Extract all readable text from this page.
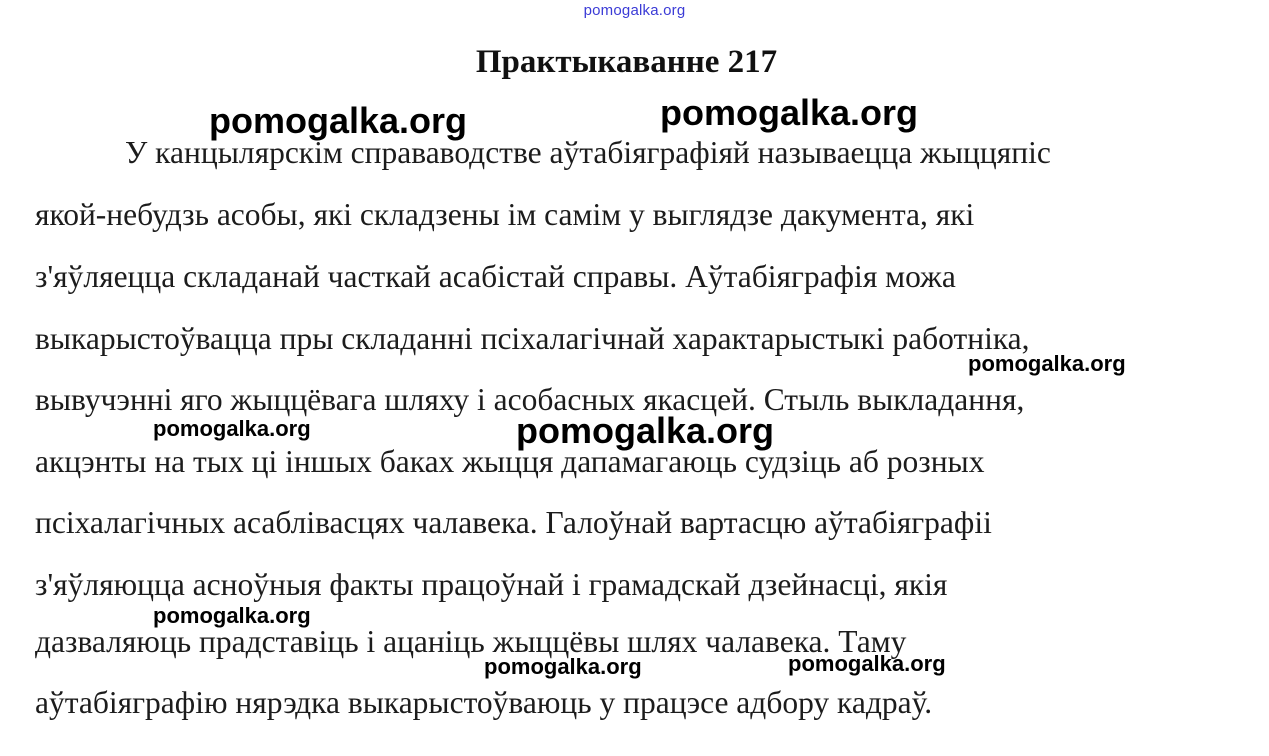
pomogalka.org
Практыкаванне 217

У канцылярскім справаводстве аўтабіяграфіяй называецца жыццяпіс

якой-небудзь асобы, які складзены ім самім у выглядзе дакумента, які

з'яўляецца складанай часткай асабістай справы. Аўтабіяграфія можа

выкарыстоўвацца пры складанні псіхалагічнай характарыстыкі работніка,

вывучэнні яго жыццёвага шляху і асобасных якасцей. Стыль выкладання,

акцэнты на тых ці іншых баках жыцця дапамагаюць судзіць аб розных

псіхалагічных асаблівасцях чалавека. Галоўнай вартасцю аўтабіяграфіі

з'яўляюцца асноўныя факты працоўнай і грамадскай дзейнасці, якія

дазваляюць прадставіць і ацаніць жыццёвы шлях чалавека. Таму

аўтабіяграфію нярэдка выкарыстоўваюць у працэсе адбору кадраў.

pomogalka.org	pomogalka.org
pomogalka.org
pomogalka.org	pomogalka.org
pomogalka.org
pomogalka.org	pomogalka.org
